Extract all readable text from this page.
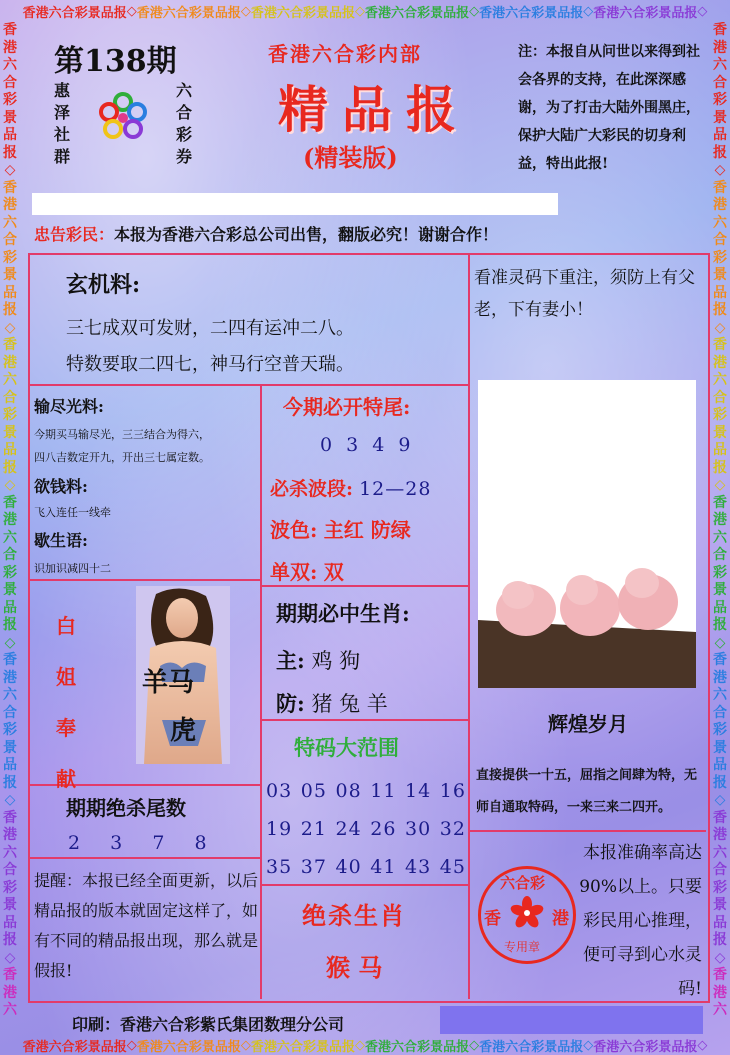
香 港 六 合 彩 景 品 报 ◇ 香 港 六 合 彩 景 品 报 ◇ 香 港 六 合 彩 景 品 报 ◇ 香 港 六 合 彩 景 品 报 ◇ 香 港 六 合 彩 景 品 报 ◇ 香 港 六 合 彩 景 品 报 ◇
香 港 六 合 彩 景 品 报 ◇ 香 港 六 合 彩 景 品 报 ◇ 香 港 六 合 彩 景 品 报 ◇ 香 港 六 合 彩 景 品 报 ◇ 香 港 六 合 彩 景 品 报 ◇ 香 港 六 合 彩 景 品 报 ◇
香
港
六
合
彩
景
品
报
◇
香
港
六
合
彩
景
品
报
◇
香
港
六
合
彩
景
品
报
◇
香
港
六
合
彩
景
品
报
◇
香
港
六
合
彩
景
品
报
◇
香
港
六
合
彩
景
品
报
◇
香
港
六
香
港
六
合
彩
景
品
报
◇
香
港
六
合
彩
景
品
报
◇
香
港
六
合
彩
景
品
报
◇
香
港
六
合
彩
景
品
报
◇
香
港
六
合
彩
景
品
报
◇
香
港
六
合
彩
景
品
报
◇
香
港
六
第138期
惠
泽
社
群
六
合
彩
券
香港六合彩内部
精品报
(精装版)
注：本报自从问世以来得到社会各界的支持，在此深深感谢，为了打击大陆外围黑庄，保护大陆广大彩民的切身利益，特出此报!
忠告彩民：本报为香港六合彩总公司出售，翻版必究！谢谢合作！
玄机料:
三七成双可发财，二四有运冲二八。
特数要取二四七，神马行空普天瑞。
看准灵码下重注，须防上有父老，下有妻小！
输尽光料:
今期买马输尽光，三三结合为得六，
四八吉数定开九，开出三七属定数。
欲钱料:
飞入连任一线牵
歇生语:
识加识减四十二
今期必开特尾:
0 3 4 9
必杀波段: 12—28
波色: 主红 防绿
单双: 双
期期必中生肖:
主: 鸡 狗
防: 猪 兔 羊
白
姐
奉
献
羊马
虎
特码大范围
03 05 08 11 14 16
19 21 24 26 30 32
35 37 40 41 43 45
期期绝杀尾数
2  3  7  8
提醒：本报已经全面更新，以后精品报的版本就固定这样了，如有不同的精品报出现，那么就是假报!
绝杀生肖
猴 马
辉煌岁月
直接提供一十五，屈指之间肆为特，无师自通取特码，一来三来二四开。
本报准确率高达90%以上。只要彩民用心推理，便可寻到心水灵码!
六合彩
香	港
专用章
印刷：香港六合彩紫氏集团数理分公司
